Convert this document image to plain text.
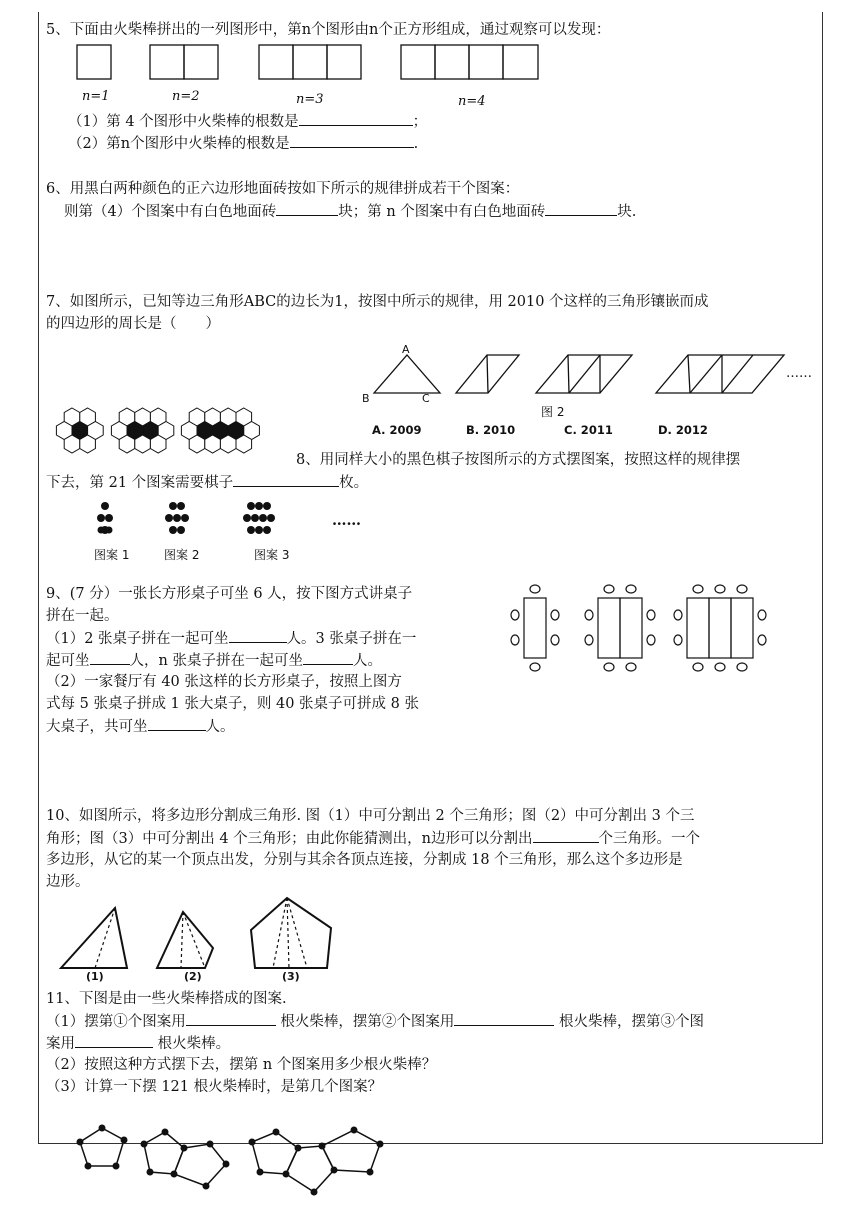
5、下面由火柴棒拼出的一列图形中，第n个图形由n个正方形组成，通过观察可以发现：
n=1	n=2	n=3	n=4
（1）第 4 个图形中火柴棒的根数是	；
（2）第n个图形中火柴棒的根数是	.
6、用黑白两种颜色的正六边形地面砖按如下所示的规律拼成若干个图案：
则第（4）个图案中有白色地面砖	块；第 n 个图案中有白色地面砖	块.
7、如图所示，已知等边三角形ABC的边长为1，按图中所示的规律，用 2010 个这样的三角形镶嵌而成
的四边形的周长是（　　）
A
B	C
……
图 2
A. 2009	B. 2010	C. 2011	D. 2012
8、用同样大小的黑色棋子按图所示的方式摆图案，按照这样的规律摆
下去，第 21 个图案需要棋子	枚。
……
图案 1	图案 2	图案 3
9、(7 分）一张长方形桌子可坐 6 人，按下图方式讲桌子
拼在一起。
（1）2 张桌子拼在一起可坐	人。3 张桌子拼在一
起可坐	人，n 张桌子拼在一起可坐	人。
（2）一家餐厅有 40 张这样的长方形桌子，按照上图方
式每 5 张桌子拼成 1 张大桌子，则 40 张桌子可拼成 8 张
大桌子，共可坐	人。
10、如图所示，将多边形分割成三角形. 图（1）中可分割出 2 个三角形；图（2）中可分割出 3 个三
角形；图（3）中可分割出 4 个三角形；由此你能猜测出，n边形可以分割出	个三角形。一个
多边形，从它的某一个顶点出发，分别与其余各顶点连接，分割成 18 个三角形，那么这个多边形是
边形。
(1)	(2)	(3)
11、下图是由一些火柴棒搭成的图案.
（1）摆第①个图案用	根火柴棒，摆第②个图案用	根火柴棒，摆第③个图
案用	根火柴棒。
（2）按照这种方式摆下去，摆第 n 个图案用多少根火柴棒？
（3）计算一下摆 121 根火柴棒时，是第几个图案？
